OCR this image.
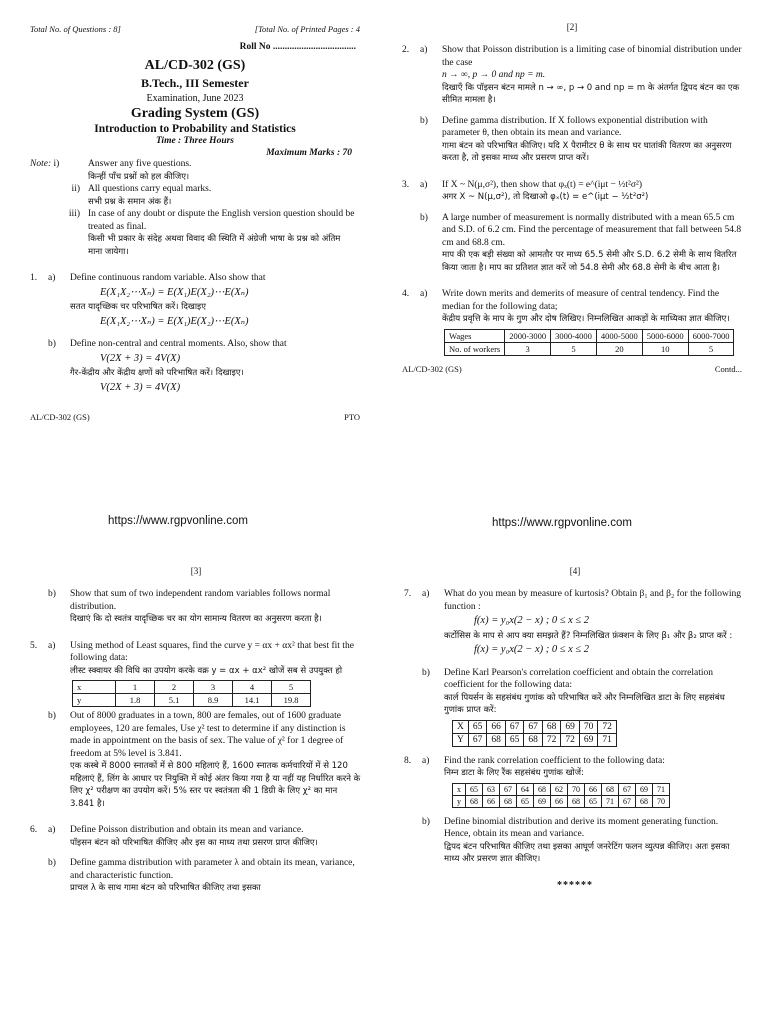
Total No. of Questions : 8]	[Total No. of Printed Pages : 4
Roll No ...................................
AL/CD-302 (GS)
B.Tech., III Semester
Examination, June 2023
Grading System (GS)
Introduction to Probability and Statistics
Time : Three Hours
Maximum Marks : 70
Note: i)	Answer any five questions.
किन्हीं पाँच प्रश्नों को हल कीजिए।
ii) All questions carry equal marks.
सभी प्रश्न के समान अंक हैं।
iii) In case of any doubt or dispute the English version question should be treated as final.
किसी भी प्रकार के संदेह अथवा विवाद की स्थिति में अंग्रेजी भाषा के प्रश्न को अंतिम माना जायेगा।
1.	a)	Define continuous random variable. Also show that
E(X₁X₂⋯Xₙ) = E(X₁)E(X₂)⋯E(Xₙ)
सतत यादृच्छिक चर परिभाषित करें। दिखाइए
E(X₁X₂⋯Xₙ) = E(X₁)E(X₂)⋯E(Xₙ)
b)	Define non-central and central moments. Also, show that
V(2X + 3) = 4V(X)
गैर-केंद्रीय और केंद्रीय क्षणों को परिभाषित करें। दिखाइए।
V(2X + 3) = 4V(X)
AL/CD-302 (GS)	PTO
https://www.rgpvonline.com
[2]
2.	a)	Show that Poisson distribution is a limiting case of binomial distribution under the case
n → ∞, p → 0 and np = m.
दिखाएँ कि पॉइसन बंटन मामले n → ∞, p → 0 and np = m के अंतर्गत द्विपद बंटन का एक सीमित मामला है।
b)	Define gamma distribution. If X follows exponential distribution with parameter θ, then obtain its mean and variance.
गामा बंटन को परिभाषित कीजिए। यदि X पैरामीटर θ के साथ घर घातांकी वितरण का अनुसरण करता है, तो इसका माध्य और प्रसरण प्राप्त करें।
3.	a)	If X ~ N(μ,σ²), then show that φₓ(t) = e^(iμt − ½t²σ²)
अगर X ~ N(μ,σ²), तो दिखाओ φₓ(t) = e^(iμt − ½t²σ²)
b)	A large number of measurement is normally distributed with a mean 65.5 cm and S.D. of 6.2 cm. Find the percentage of measurement that fall between 54.8 cm and 68.8 cm.
माप की एक बड़ी संख्या को आमतौर पर माध्य 65.5 सेमी और S.D. 6.2 सेमी के साथ वितरित किया जाता है। माप का प्रतिशत ज्ञात करें जो 54.8 सेमी और 68.8 सेमी के बीच आता है।
4.	a)	Write down merits and demerits of measure of central tendency. Find the median for the following data;
केंद्रीय प्रवृत्ति के माप के गुण और दोष लिखिए। निम्नलिखित आकड़ों के माध्यिका ज्ञात कीजिए।
Wages	2000-3000	3000-4000	4000-5000	5000-6000	6000-7000
No. of workers	3	5	20	10	5
AL/CD-302 (GS)	Contd...
https://www.rgpvonline.com
[3]
b)	Show that sum of two independent random variables follows normal distribution.
दिखाएं कि दो स्वतंत्र यादृच्छिक चर का योग सामान्य वितरण का अनुसरण करता है।
5.	a)	Using method of Least squares, find the curve y = αx + αx² that best fit the following data:
लीस्ट स्क्वायर की विधि का उपयोग करके वक्र y = αx + αx² खोजें सब से उपयुक्त हो
x	1	2	3	4	5
y	1.8	5.1	8.9	14.1	19.8
b)	Out of 8000 graduates in a town, 800 are females, out of 1600 graduate employees, 120 are females, Use χ² test to determine if any distinction is made in appointment on the basis of sex. The value of χ² for 1 degree of freedom at 5% level is 3.841.
एक कस्बे में 8000 स्नातकों में से 800 महिलाएं हैं, 1600 स्नातक कर्मचारियों में से 120 महिलाएं हैं, लिंग के आधार पर नियुक्ति में कोई अंतर किया गया है या नहीं यह निर्धारित करने के लिए χ² परीक्षण का उपयोग करें। 5% स्तर पर स्वतंत्रता की 1 डिग्री के लिए χ² का मान 3.841 है।
6.	a)	Define Poisson distribution and obtain its mean and variance.
पॉइसन बंटन को परिभाषित कीजिए और इस का माध्य तथा प्रसरण प्राप्त कीजिए।
b)	Define gamma distribution with parameter λ and obtain its mean, variance, and characteristic function.
प्राचल λ के साथ गामा बंटन को परिभाषित कीजिए तथा इसका
[4]
7.	a)	What do you mean by measure of kurtosis? Obtain β₁ and β₂ for the following function :
f(x) = y₀x(2 − x) ; 0 ≤ x ≤ 2
कर्टोसिस के माप से आप क्या समझते हैं? निम्नलिखित फ़ंक्शन के लिए β₁ और β₂ प्राप्त करें :
f(x) = y₀x(2 − x) ; 0 ≤ x ≤ 2
b)	Define Karl Pearson's correlation coefficient and obtain the correlation coefficient for the following data:
कार्ल पियर्सन के सहसंबंध गुणांक को परिभाषित करें और निम्नलिखित डाटा के लिए सहसंबंध गुणांक प्राप्त करें:
X	65	66	67	67	68	69	70	72
Y	67	68	65	68	72	72	69	71
8.	a)	Find the rank correlation coefficient to the following data:
निम्न डाटा के लिए रैंक सहसंबंध गुणांक खोजें:
x	65	63	67	64	68	62	70	66	68	67	69	71
y	68	66	68	65	69	66	68	65	71	67	68	70
b)	Define binomial distribution and derive its moment generating function. Hence, obtain its mean and variance.
द्विपद बंटन परिभाषित कीजिए तथा इसका आघूर्ण जनरेटिंग फलन व्युत्पन्न कीजिए। अतः इसका माध्य और प्रसरण ज्ञात कीजिए।
******
